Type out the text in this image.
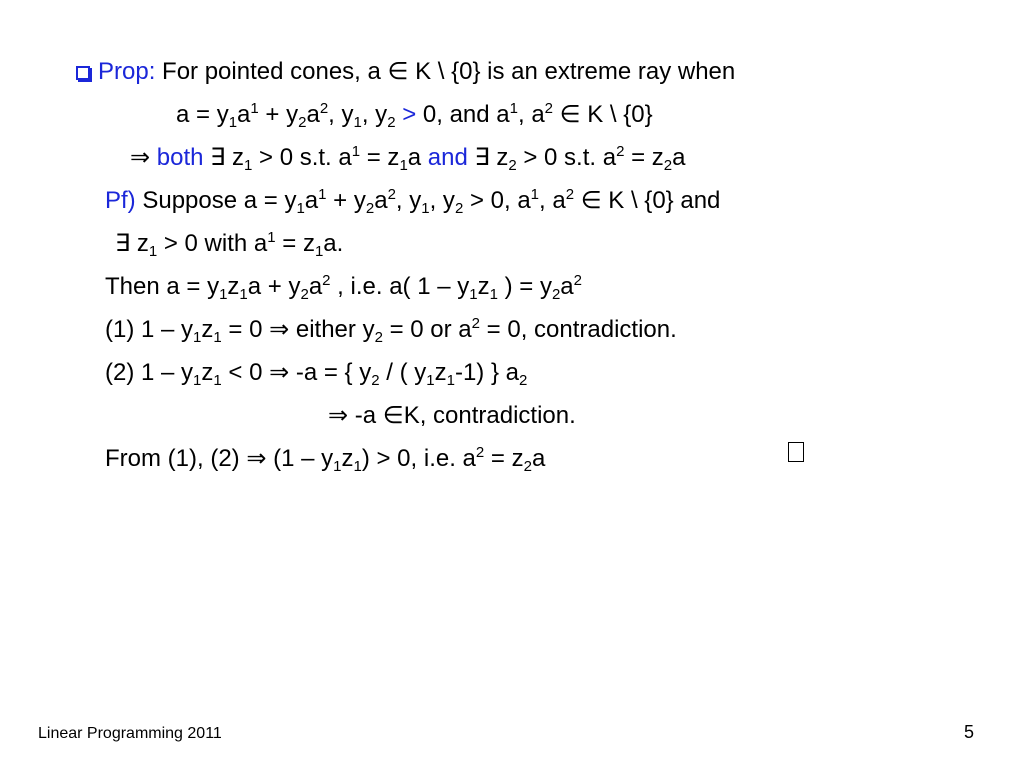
Prop: For pointed cones, a ∈ K \ {0} is an extreme ray when
$a = y_1a^1 + y_2a^2$, $y_1$, $y_2 > 0$, and $a^1$, $a^2$ ∈ K \ {0}
⇒ both ∃ $z_1 > 0$ s.t. $a^1 = z_1a$ and ∃ $z_2 > 0$ s.t. $a^2 = z_2a$
Pf) Suppose $a = y_1a^1 + y_2a^2$, $y_1$, $y_2 > 0$, $a^1$, $a^2$ ∈ K \ {0} and
∃ $z_1 > 0$ with $a^1 = z_1a$.
Then $a = y_1z_1a + y_2a^2$ , i.e. a( $1 - y_1z_1$ ) = $y_2a^2$
(1) $1 - y_1z_1 = 0$ ⇒ either $y_2 = 0$ or $a^2 = 0$, contradiction.
(2) $1 - y_1z_1 < 0$ ⇒ -a = { $y_2$ / ( $y_1z_1-1$) } $a_2$
⇒ -a ∈K, contradiction.
From (1), (2) ⇒ $(1 - y_1z_1) > 0$, i.e. $a^2 = z_2a$
Linear Programming 2011	5
